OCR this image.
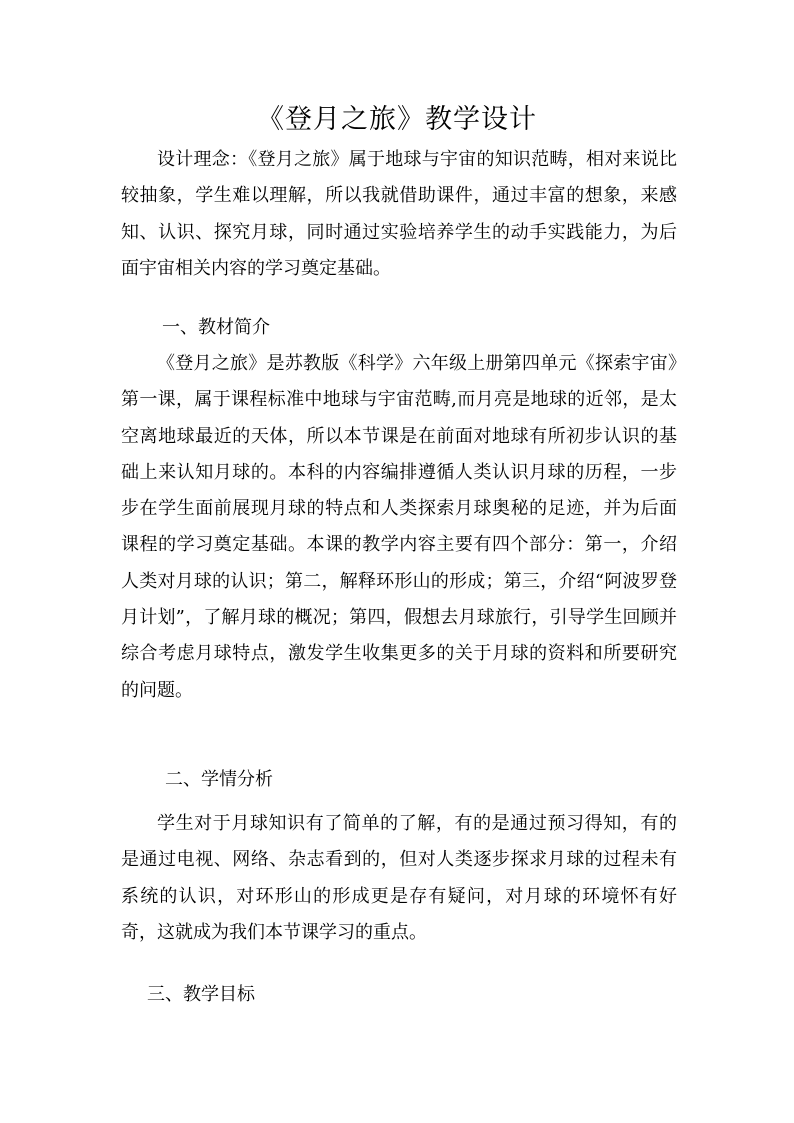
《登月之旅》教学设计

设计理念：《登月之旅》属于地球与宇宙的知识范畴，相对来说比较抽象，学生难以理解，所以我就借助课件，通过丰富的想象，来感知、认识、探究月球，同时通过实验培养学生的动手实践能力，为后面宇宙相关内容的学习奠定基础。

一、教材简介

《登月之旅》是苏教版《科学》六年级上册第四单元《探索宇宙》第一课，属于课程标准中地球与宇宙范畴,而月亮是地球的近邻，是太空离地球最近的天体，所以本节课是在前面对地球有所初步认识的基础上来认知月球的。本科的内容编排遵循人类认识月球的历程，一步步在学生面前展现月球的特点和人类探索月球奥秘的足迹，并为后面课程的学习奠定基础。本课的教学内容主要有四个部分：第一，介绍人类对月球的认识；第二，解释环形山的形成；第三，介绍“阿波罗登月计划”，了解月球的概况；第四，假想去月球旅行，引导学生回顾并综合考虑月球特点，激发学生收集更多的关于月球的资料和所要研究的问题。

二、学情分析

学生对于月球知识有了简单的了解，有的是通过预习得知，有的是通过电视、网络、杂志看到的，但对人类逐步探求月球的过程未有系统的认识，对环形山的形成更是存有疑问，对月球的环境怀有好奇，这就成为我们本节课学习的重点。

三、教学目标
